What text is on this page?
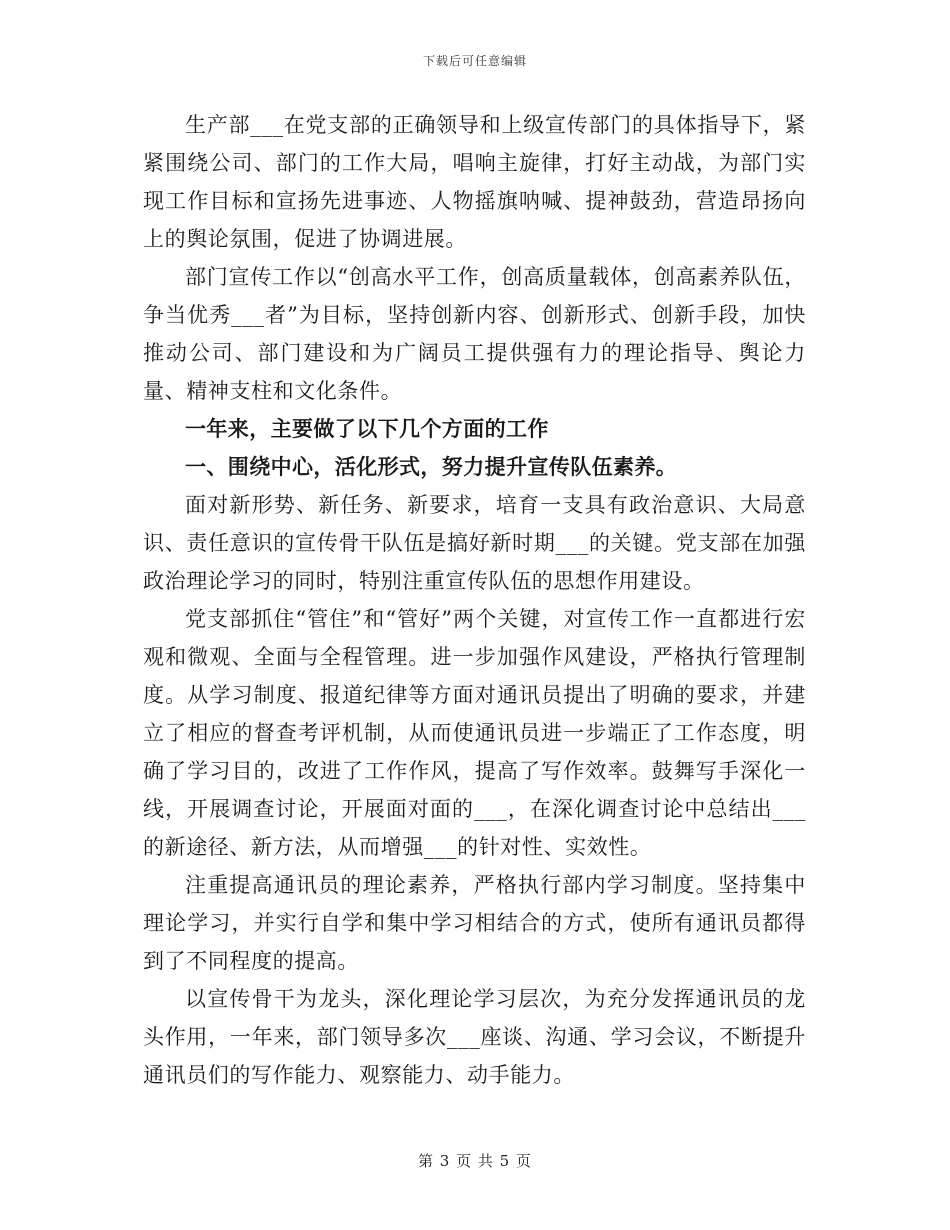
下载后可任意编辑

生产部___在党支部的正确领导和上级宣传部门的具体指导下，紧紧围绕公司、部门的工作大局，唱响主旋律，打好主动战，为部门实现工作目标和宣扬先进事迹、人物摇旗呐喊、提神鼓劲，营造昂扬向上的舆论氛围，促进了协调进展。

部门宣传工作以“创高水平工作，创高质量载体，创高素养队伍，争当优秀___者”为目标，坚持创新内容、创新形式、创新手段，加快推动公司、部门建设和为广阔员工提供强有力的理论指导、舆论力量、精神支柱和文化条件。

一年来，主要做了以下几个方面的工作

一、围绕中心，活化形式，努力提升宣传队伍素养。

面对新形势、新任务、新要求，培育一支具有政治意识、大局意识、责任意识的宣传骨干队伍是搞好新时期___的关键。党支部在加强政治理论学习的同时，特别注重宣传队伍的思想作用建设。

党支部抓住“管住”和“管好”两个关键，对宣传工作一直都进行宏观和微观、全面与全程管理。进一步加强作风建设，严格执行管理制度。从学习制度、报道纪律等方面对通讯员提出了明确的要求，并建立了相应的督查考评机制，从而使通讯员进一步端正了工作态度，明确了学习目的，改进了工作作风，提高了写作效率。鼓舞写手深化一线，开展调查讨论，开展面对面的___，在深化调查讨论中总结出___的新途径、新方法，从而增强___的针对性、实效性。

注重提高通讯员的理论素养，严格执行部内学习制度。坚持集中理论学习，并实行自学和集中学习相结合的方式，使所有通讯员都得到了不同程度的提高。

以宣传骨干为龙头，深化理论学习层次，为充分发挥通讯员的龙头作用，一年来，部门领导多次___座谈、沟通、学习会议，不断提升通讯员们的写作能力、观察能力、动手能力。

第 3 页 共 5 页
